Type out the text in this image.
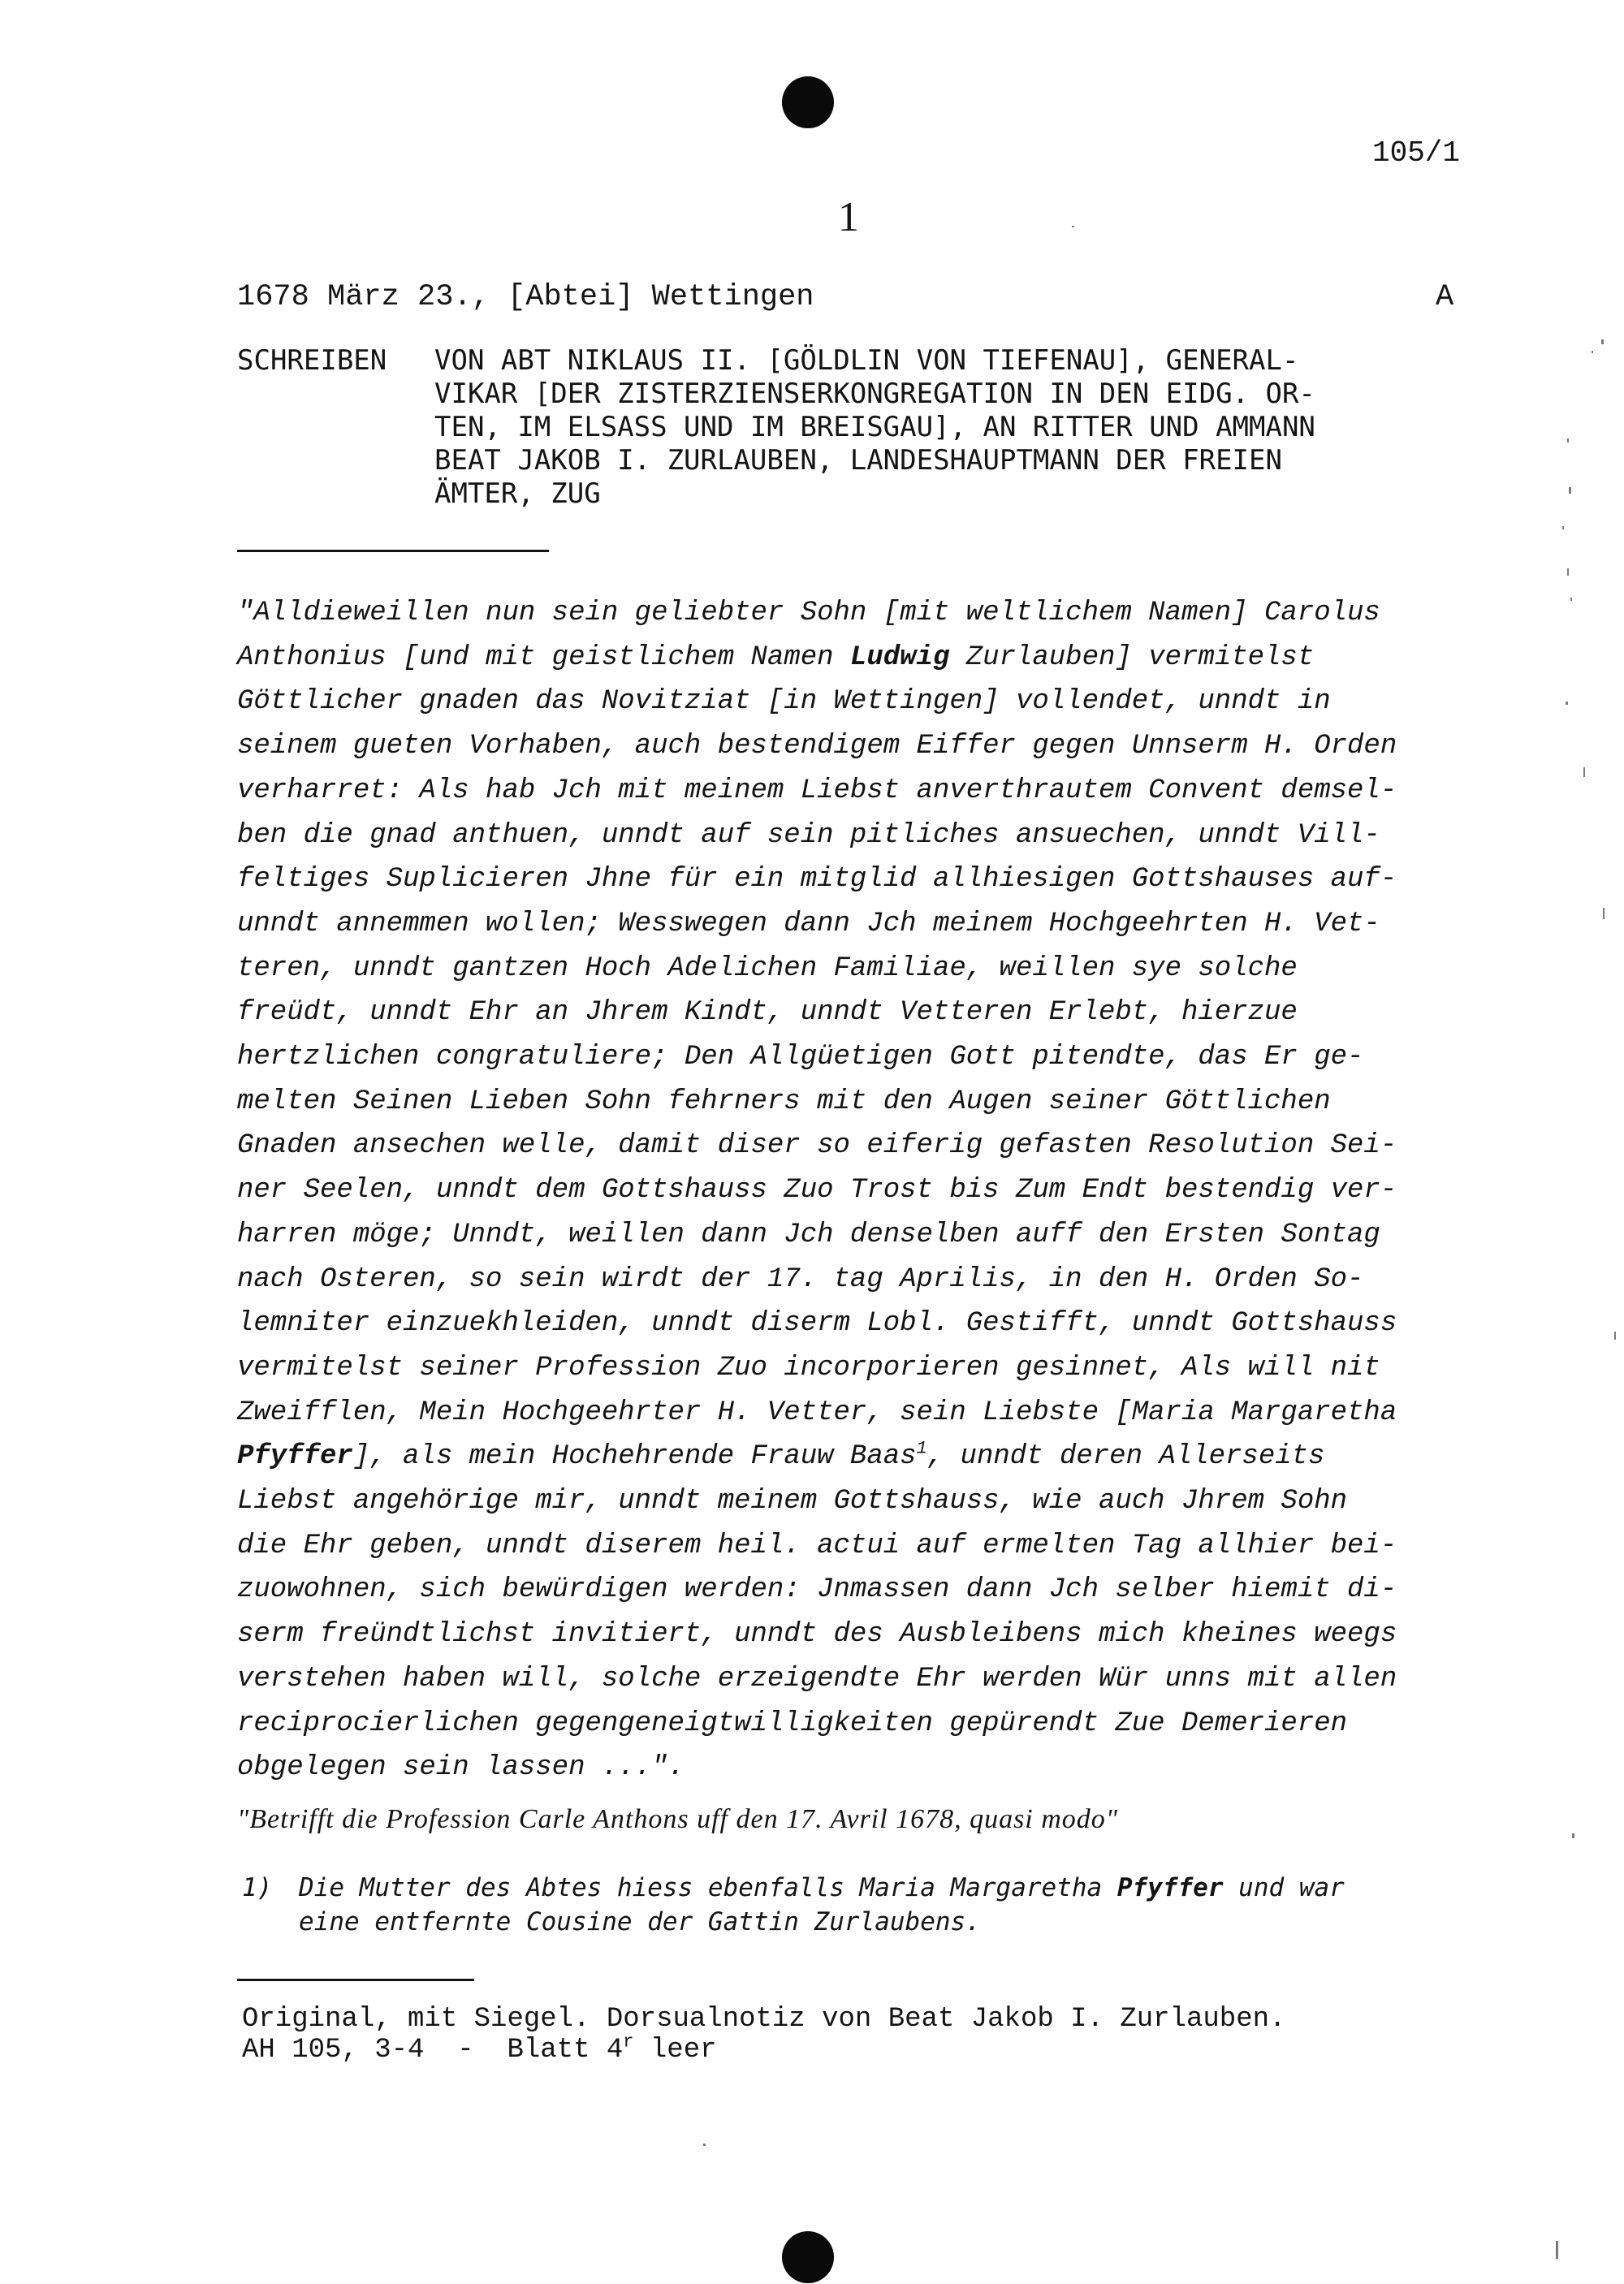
105/1
1
1678 März 23., [Abtei] Wettingen	A
SCHREIBEN VON ABT NIKLAUS II. [GÖLDLIN VON TIEFENAU], GENERAL-
VIKAR [DER ZISTERZIENSERKONGREGATION IN DEN EIDG. OR-
TEN, IM ELSASS UND IM BREISGAU], AN RITTER UND AMMANN
BEAT JAKOB I. ZURLAUBEN, LANDESHAUPTMANN DER FREIEN
ÄMTER, ZUG
"Alldieweillen nun sein geliebter Sohn [mit weltlichem Namen] Carolus
Anthonius [und mit geistlichem Namen Ludwig Zurlauben] vermitelst
Göttlicher gnaden das Novitziat [in Wettingen] vollendet, unndt in
seinem gueten Vorhaben, auch bestendigem Eiffer gegen Unnserm H. Orden
verharret: Als hab Jch mit meinem Liebst anverthrautem Convent demsel-
ben die gnad anthuen, unndt auf sein pitliches ansuechen, unndt Vill-
feltiges Suplicieren Jhne für ein mitglid allhiesigen Gottshauses auf-
unndt annemmen wollen; Wesswegen dann Jch meinem Hochgeehrten H. Vet-
teren, unndt gantzen Hoch Adelichen Familiae, weillen sye solche
freüdt, unndt Ehr an Jhrem Kindt, unndt Vetteren Erlebt, hierzue
hertzlichen congratuliere; Den Allgüetigen Gott pitendte, das Er ge-
melten Seinen Lieben Sohn fehrners mit den Augen seiner Göttlichen
Gnaden ansechen welle, damit diser so eiferig gefasten Resolution Sei-
ner Seelen, unndt dem Gottshauss Zuo Trost bis Zum Endt bestendig ver-
harren möge; Unndt, weillen dann Jch denselben auff den Ersten Sontag
nach Osteren, so sein wirdt der 17. tag Aprilis, in den H. Orden So-
lemniter einzuekhleiden, unndt diserm Lobl. Gestifft, unndt Gottshauss
vermitelst seiner Profession Zuo incorporieren gesinnet, Als will nit
Zweifflen, Mein Hochgeehrter H. Vetter, sein Liebste [Maria Margaretha
Pfyffer], als mein Hochehrende Frauw Baas$^1$, unndt deren Allerseits
Liebst angehörige mir, unndt meinem Gottshauss, wie auch Jhrem Sohn
die Ehr geben, unndt diserem heil. actui auf ermelten Tag allhier bei-
zuowohnen, sich bewürdigen werden: Jnmassen dann Jch selber hiemit di-
serm freündtlichst invitiert, unndt des Ausbleibens mich kheines weegs
verstehen haben will, solche erzeigendte Ehr werden Wür unns mit allen
reciprocierlichen gegengeneigtwilligkeiten gepürendt Zue Demerieren
obgelegen sein lassen ...".
"Betrifft die Profession Carle Anthons uff den 17. Avril 1678, quasi modo"
1) Die Mutter des Abtes hiess ebenfalls Maria Margaretha Pfyffer und war
eine entfernte Cousine der Gattin Zurlaubens.
Original, mit Siegel. Dorsualnotiz von Beat Jakob I. Zurlauben.
AH 105, 3-4  -  Blatt 4$^r$ leer
